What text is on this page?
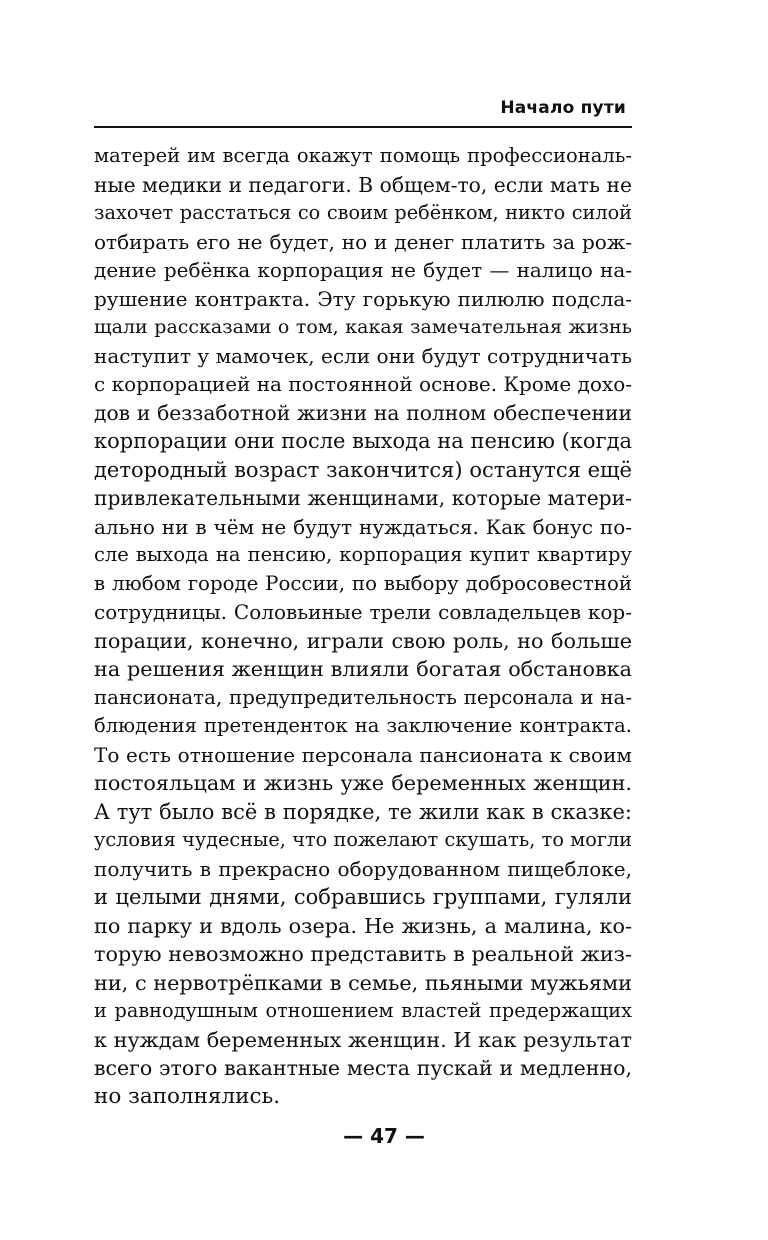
Начало пути
матерей им всегда окажут помощь профессиональ-
ные медики и педагоги. В общем-то, если мать не
захочет расстаться со своим ребёнком, никто силой
отбирать его не будет, но и денег платить за рож-
дение ребёнка корпорация не будет — налицо на-
рушение контракта. Эту горькую пилюлю подсла-
щали рассказами о том, какая замечательная жизнь
наступит у мамочек, если они будут сотрудничать
с корпорацией на постоянной основе. Кроме дохо-
дов и беззаботной жизни на полном обеспечении
корпорации они после выхода на пенсию (когда
детородный возраст закончится) останутся ещё
привлекательными женщинами, которые матери-
ально ни в чём не будут нуждаться. Как бонус по-
сле выхода на пенсию, корпорация купит квартиру
в любом городе России, по выбору добросовестной
сотрудницы. Соловьиные трели совладельцев кор-
порации, конечно, играли свою роль, но больше
на решения женщин влияли богатая обстановка
пансионата, предупредительность персонала и на-
блюдения претенденток на заключение контракта.
То есть отношение персонала пансионата к своим
постояльцам и жизнь уже беременных женщин.
А тут было всё в порядке, те жили как в сказке:
условия чудесные, что пожелают скушать, то могли
получить в прекрасно оборудованном пищеблоке,
и целыми днями, собравшись группами, гуляли
по парку и вдоль озера. Не жизнь, а малина, ко-
торую невозможно представить в реальной жиз-
ни, с нервотрёпками в семье, пьяными мужьями
и равнодушным отношением властей предержащих
к нуждам беременных женщин. И как результат
всего этого вакантные места пускай и медленно,
но заполнялись.
— 47 —
